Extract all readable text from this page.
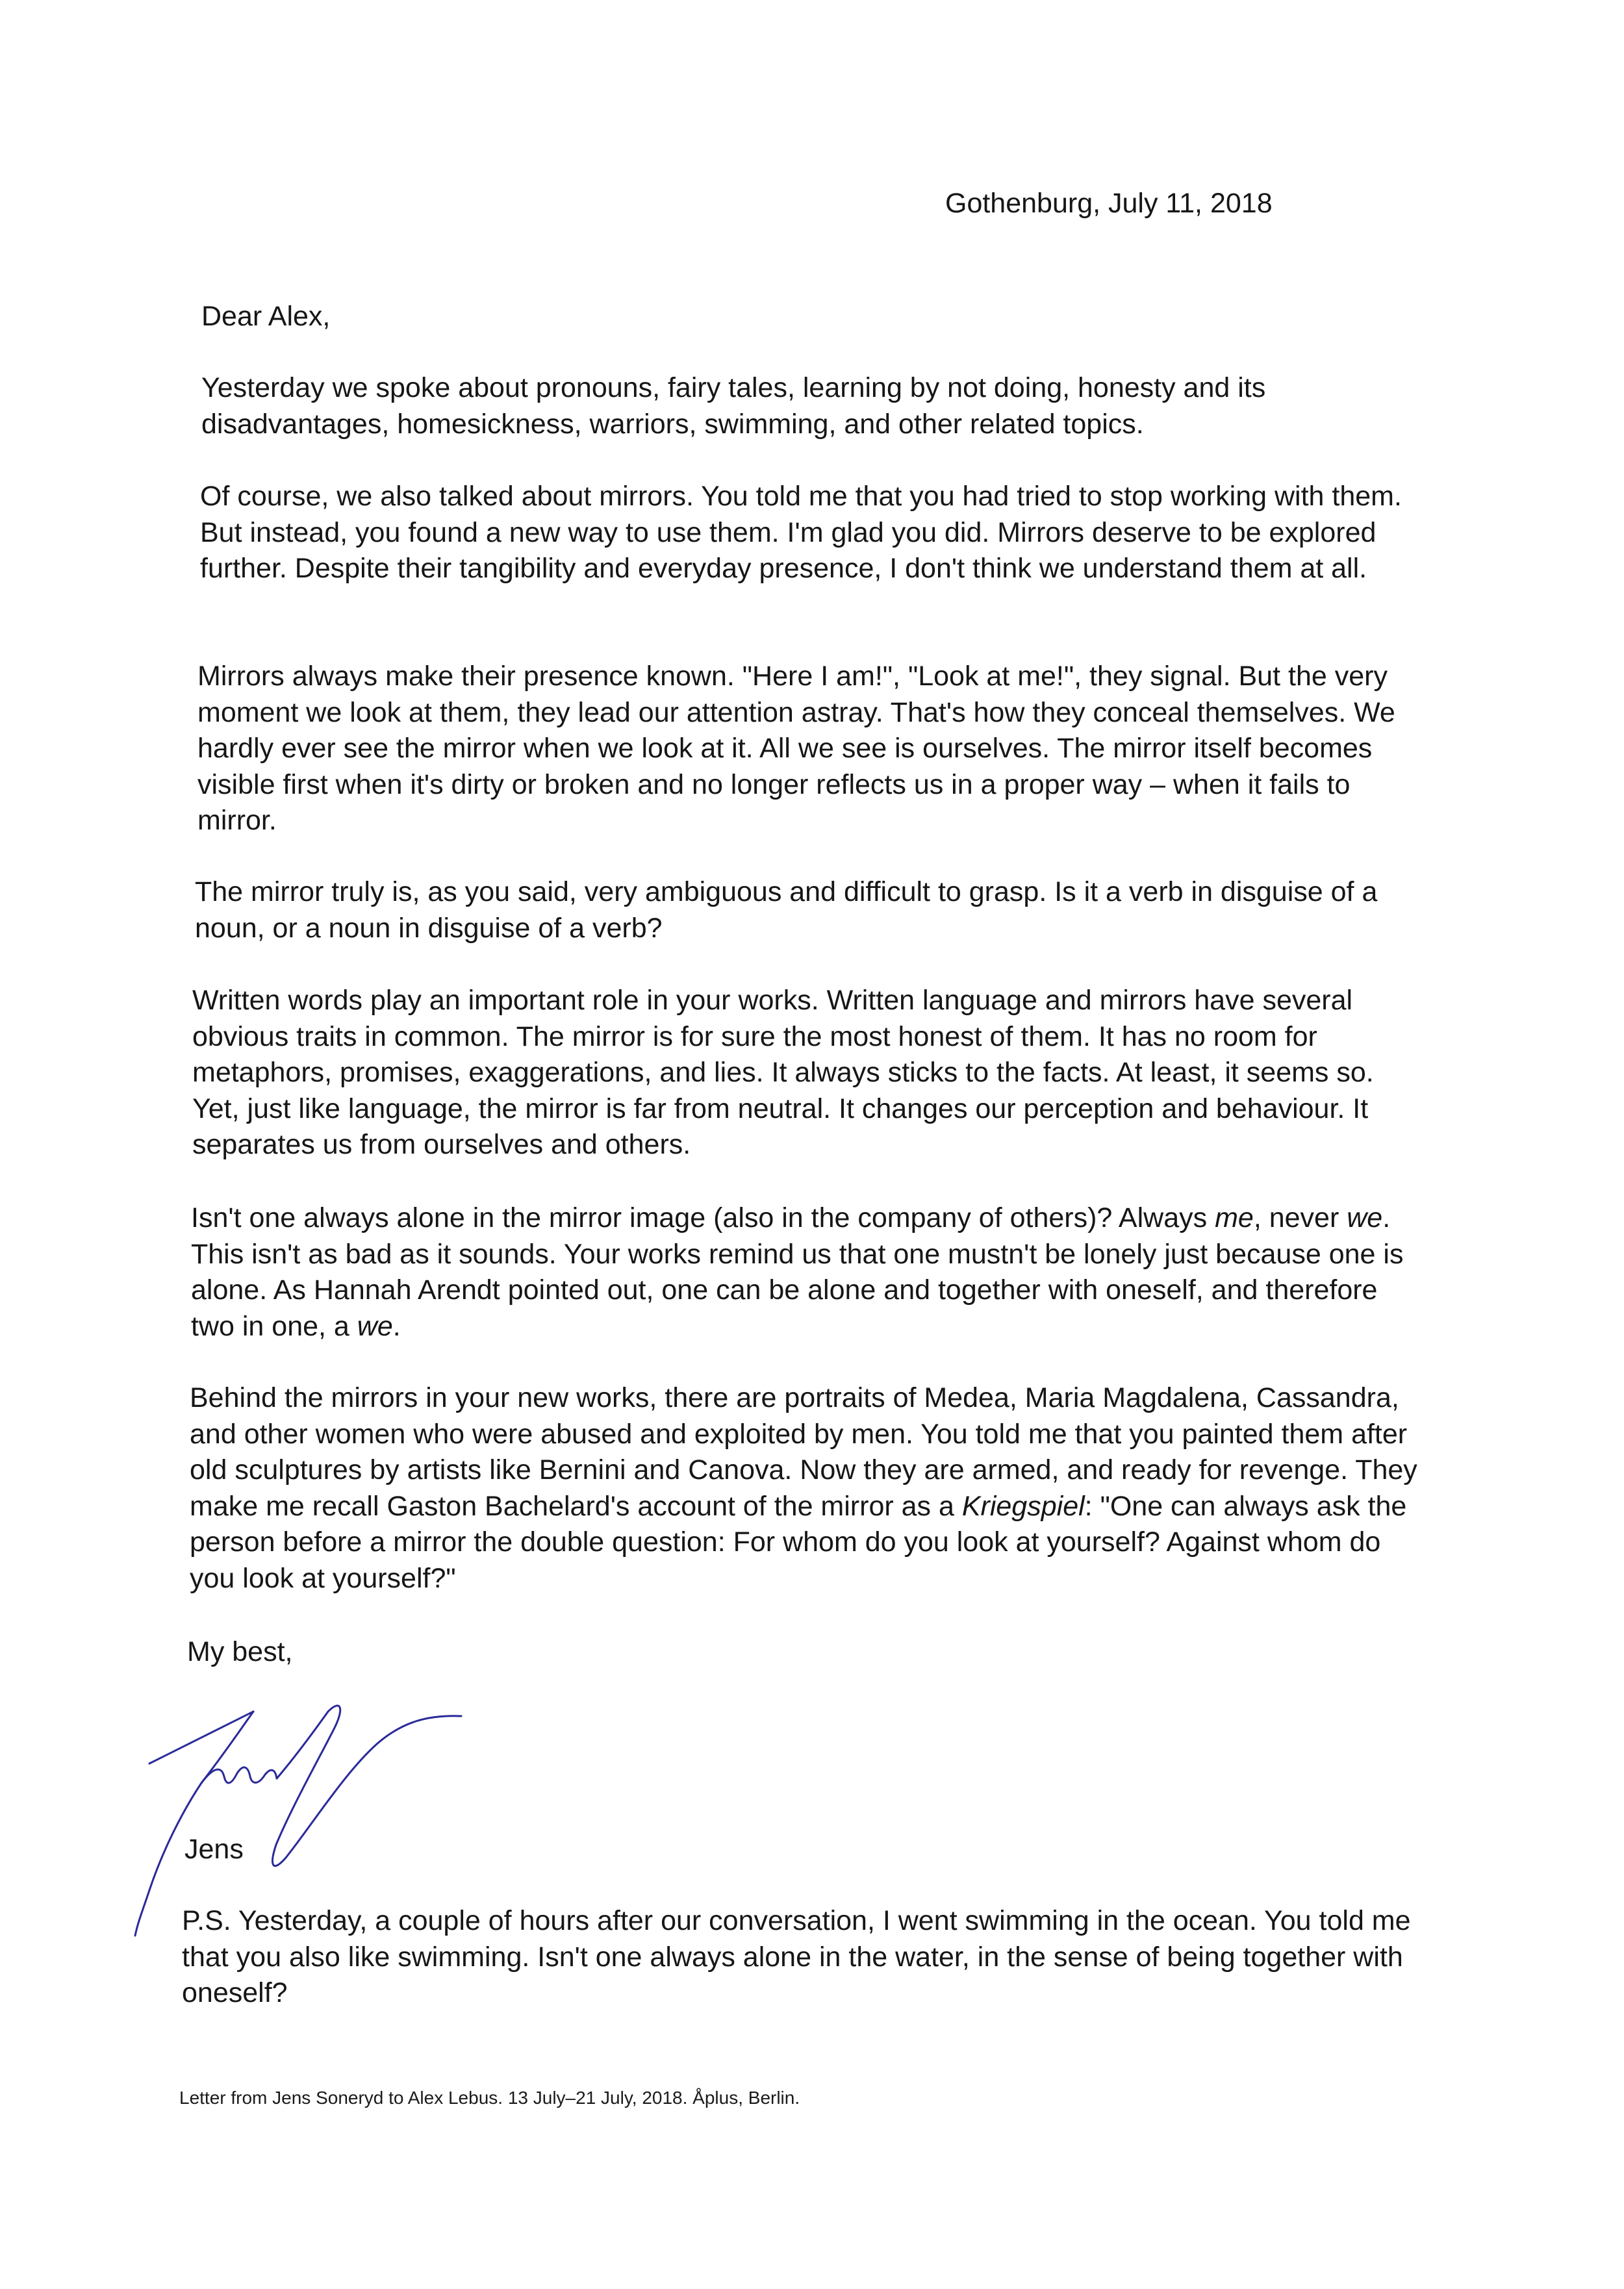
Gothenburg, July 11, 2018

Dear Alex,

Yesterday we spoke about pronouns, fairy tales, learning by not doing, honesty and its disadvantages, homesickness, warriors, swimming, and other related topics.

Of course, we also talked about mirrors. You told me that you had tried to stop working with them. But instead, you found a new way to use them. I'm glad you did. Mirrors deserve to be explored further. Despite their tangibility and everyday presence, I don't think we understand them at all.

Mirrors always make their presence known. "Here I am!", "Look at me!", they signal. But the very moment we look at them, they lead our attention astray. That's how they conceal themselves. We hardly ever see the mirror when we look at it. All we see is ourselves. The mirror itself becomes visible first when it's dirty or broken and no longer reflects us in a proper way – when it fails to mirror.

The mirror truly is, as you said, very ambiguous and difficult to grasp. Is it a verb in disguise of a noun, or a noun in disguise of a verb?

Written words play an important role in your works. Written language and mirrors have several obvious traits in common. The mirror is for sure the most honest of them. It has no room for metaphors, promises, exaggerations, and lies. It always sticks to the facts. At least, it seems so. Yet, just like language, the mirror is far from neutral. It changes our perception and behaviour. It separates us from ourselves and others.

Isn't one always alone in the mirror image (also in the company of others)? Always me, never we. This isn't as bad as it sounds. Your works remind us that one mustn't be lonely just because one is alone. As Hannah Arendt pointed out, one can be alone and together with oneself, and therefore two in one, a we.

Behind the mirrors in your new works, there are portraits of Medea, Maria Magdalena, Cassandra, and other women who were abused and exploited by men. You told me that you painted them after old sculptures by artists like Bernini and Canova. Now they are armed, and ready for revenge. They make me recall Gaston Bachelard's account of the mirror as a Kriegspiel: "One can always ask the person before a mirror the double question: For whom do you look at yourself? Against whom do you look at yourself?"

My best,

Jens

P.S. Yesterday, a couple of hours after our conversation, I went swimming in the ocean. You told me that you also like swimming. Isn't one always alone in the water, in the sense of being together with oneself?

Letter from Jens Soneryd to Alex Lebus. 13 July–21 July, 2018. Åplus, Berlin.
